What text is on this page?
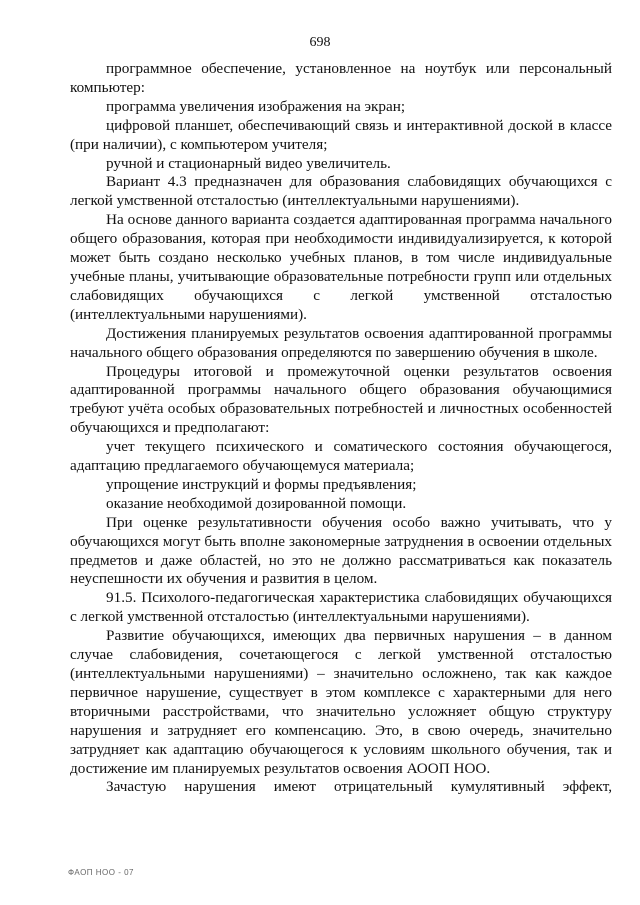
698

программное обеспечение, установленное на ноутбук или персональный компьютер:

программа увеличения изображения на экран;

цифровой планшет, обеспечивающий связь и интерактивной доской в классе (при наличии), с компьютером учителя;

ручной и стационарный видео увеличитель.

Вариант 4.3 предназначен для образования слабовидящих обучающихся с легкой умственной отсталостью (интеллектуальными нарушениями).

На основе данного варианта создается адаптированная программа начального общего образования, которая при необходимости индивидуализируется, к которой может быть создано несколько учебных планов, в том числе индивидуальные учебные планы, учитывающие образовательные потребности групп или отдельных слабовидящих обучающихся с легкой умственной отсталостью (интеллектуальными нарушениями).

Достижения планируемых результатов освоения адаптированной программы начального общего образования определяются по завершению обучения в школе.

Процедуры итоговой и промежуточной оценки результатов освоения адаптированной программы начального общего образования обучающимися требуют учёта особых образовательных потребностей и личностных особенностей обучающихся и предполагают:

учет текущего психического и соматического состояния обучающегося, адаптацию предлагаемого обучающемуся материала;

упрощение инструкций и формы предъявления;

оказание необходимой дозированной помощи.

При оценке результативности обучения особо важно учитывать, что у обучающихся могут быть вполне закономерные затруднения в освоении отдельных предметов и даже областей, но это не должно рассматриваться как показатель неуспешности их обучения и развития в целом.

91.5. Психолого-педагогическая характеристика слабовидящих обучающихся с легкой умственной отсталостью (интеллектуальными нарушениями).

Развитие обучающихся, имеющих два первичных нарушения – в данном случае слабовидения, сочетающегося с легкой умственной отсталостью (интеллектуальными нарушениями) – значительно осложнено, так как каждое первичное нарушение, существует в этом комплексе с характерными для него вторичными расстройствами, что значительно усложняет общую структуру нарушения и затрудняет его компенсацию. Это, в свою очередь, значительно затрудняет как адаптацию обучающегося к условиям школьного обучения, так и достижение им планируемых результатов освоения АООП НОО.

Зачастую нарушения имеют отрицательный кумулятивный эффект,

ФАОП НОО - 07
